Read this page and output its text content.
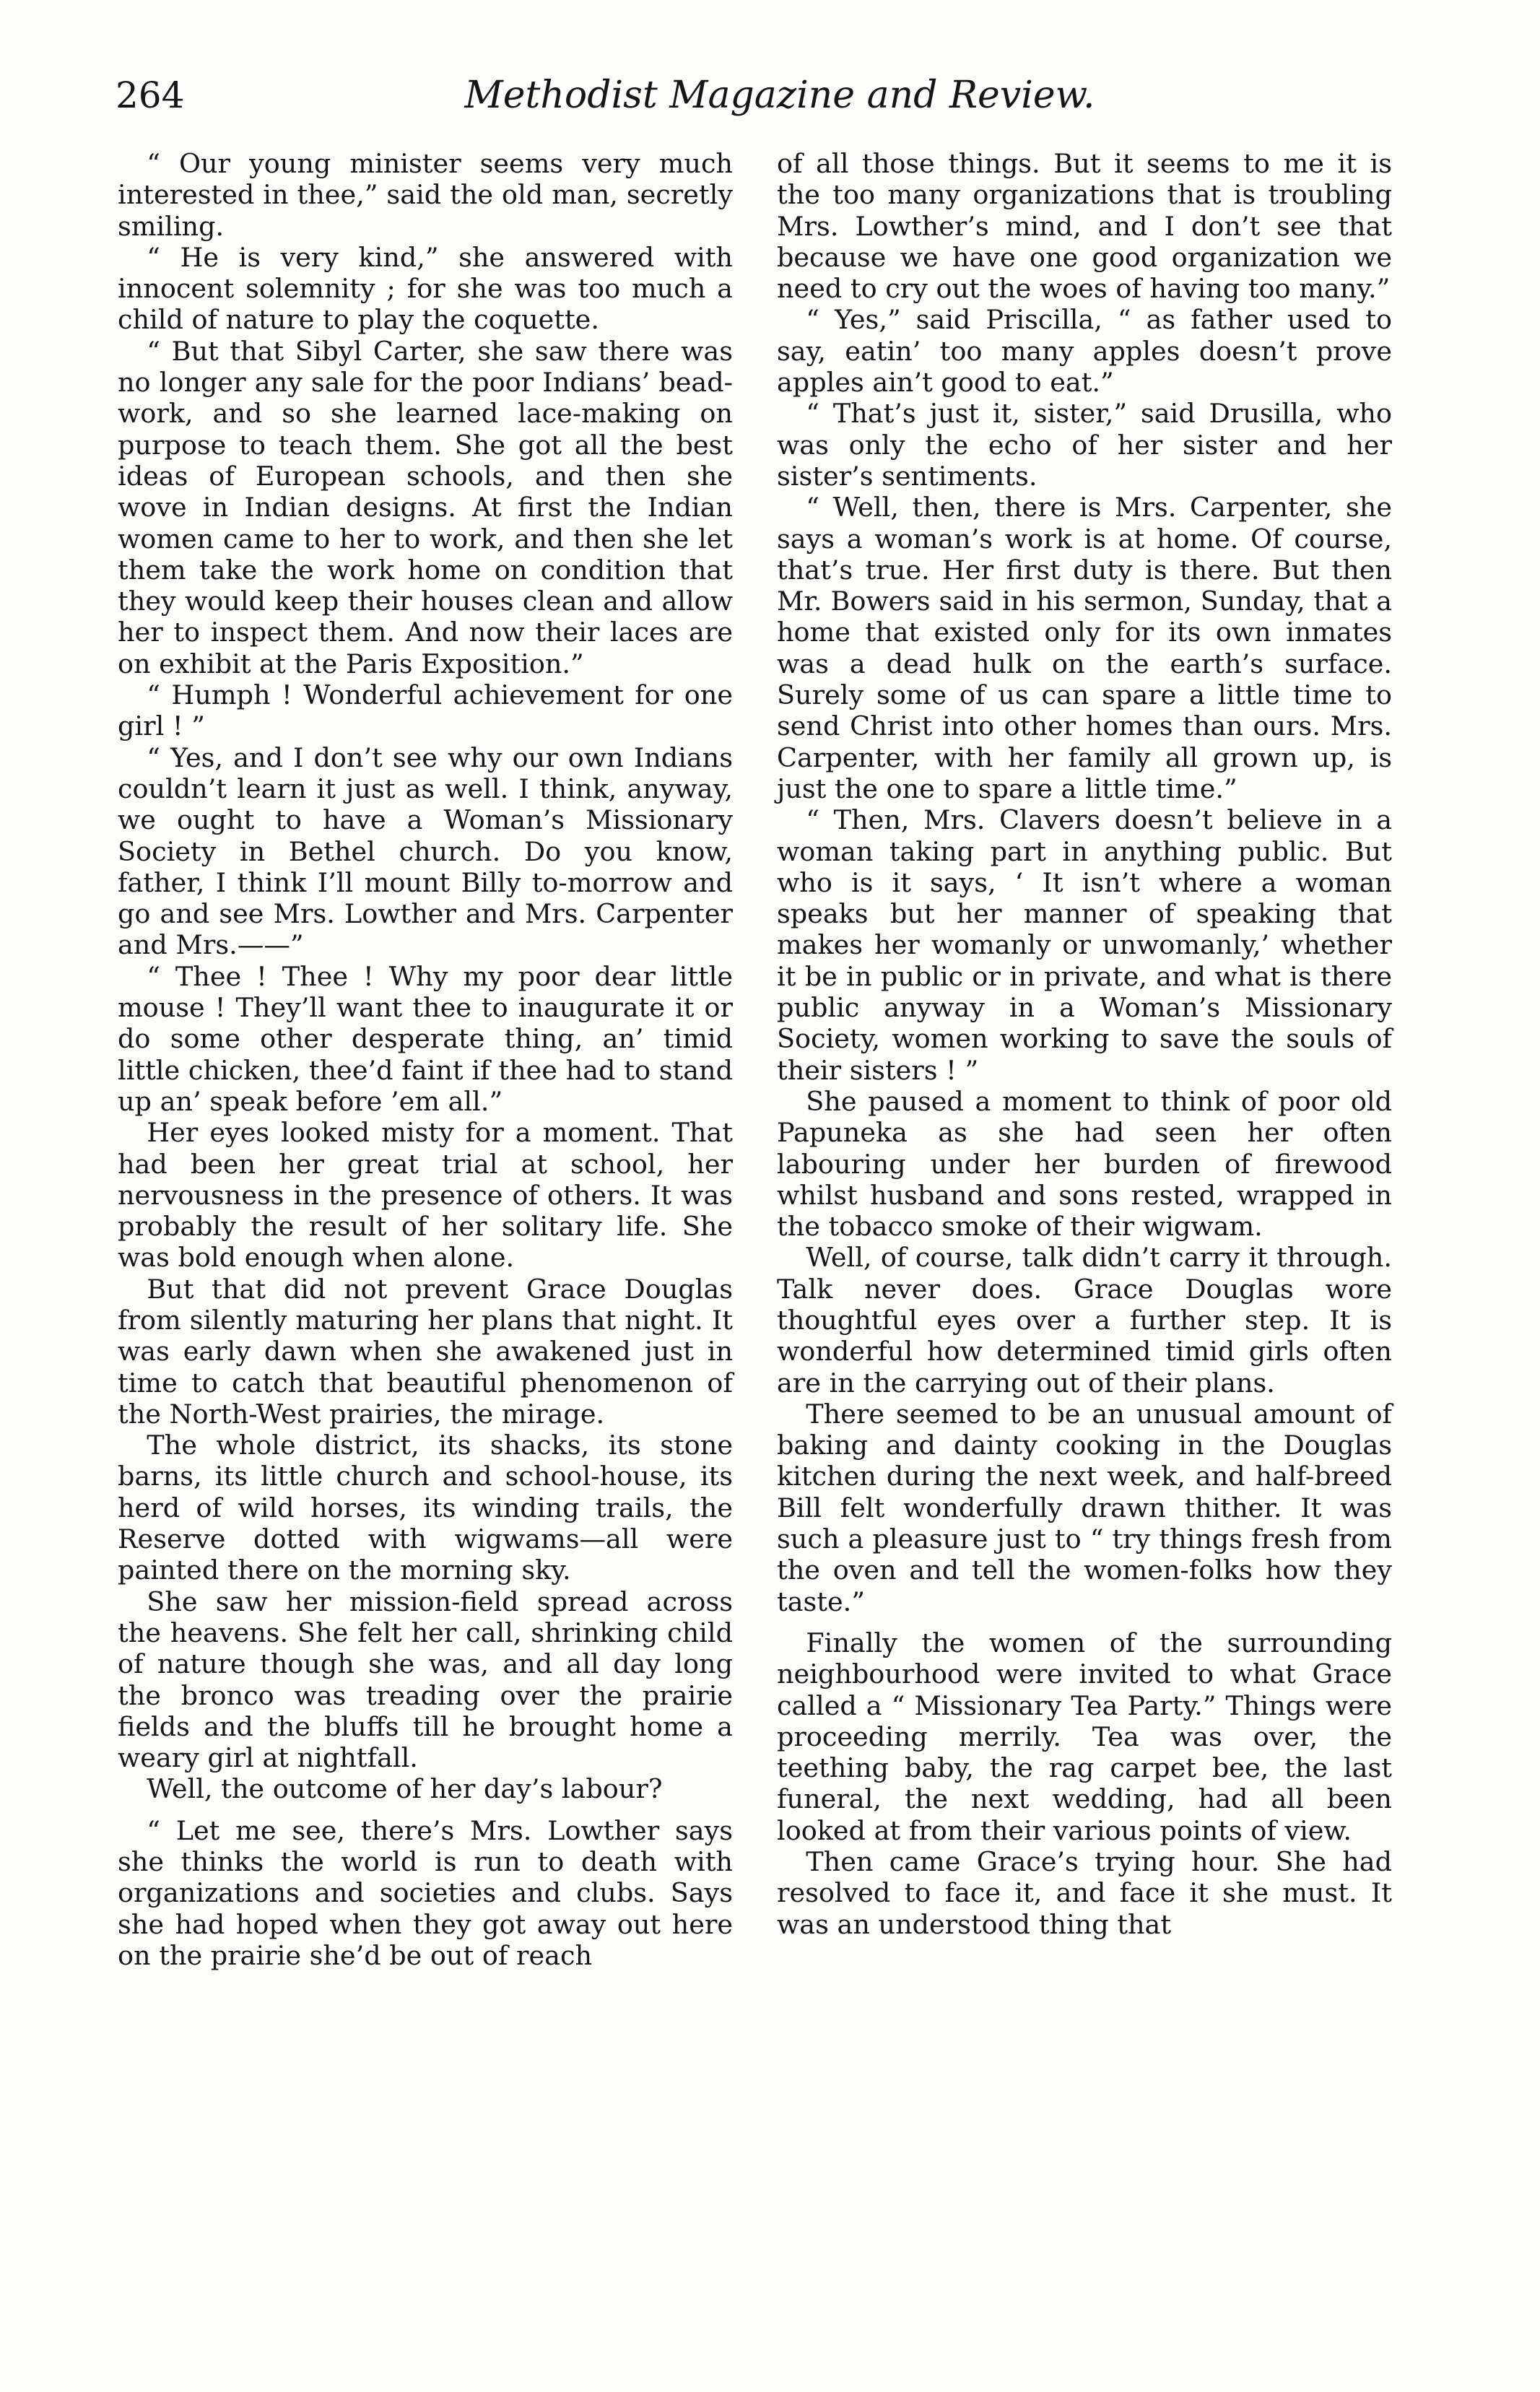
264	Methodist Magazine and Review.

“ Our young minister seems very much interested in thee,” said the old man, secretly smiling.

“ He is very kind,” she answered with innocent solemnity ; for she was too much a child of nature to play the coquette.

“ But that Sibyl Carter, she saw there was no longer any sale for the poor Indians’ bead-work, and so she learned lace-making on purpose to teach them. She got all the best ideas of European schools, and then she wove in Indian designs. At first the Indian women came to her to work, and then she let them take the work home on condition that they would keep their houses clean and allow her to inspect them. And now their laces are on exhibit at the Paris Exposition.”

“ Humph ! Wonderful achievement for one girl ! ”

“ Yes, and I don’t see why our own Indians couldn’t learn it just as well. I think, anyway, we ought to have a Woman’s Missionary Society in Bethel church. Do you know, father, I think I’ll mount Billy to-morrow and go and see Mrs. Lowther and Mrs. Carpenter and Mrs.——”

“ Thee ! Thee ! Why my poor dear little mouse ! They’ll want thee to inaugurate it or do some other desperate thing, an’ timid little chicken, thee’d faint if thee had to stand up an’ speak before ’em all.”

Her eyes looked misty for a moment. That had been her great trial at school, her nervousness in the presence of others. It was probably the result of her solitary life. She was bold enough when alone.

But that did not prevent Grace Douglas from silently maturing her plans that night. It was early dawn when she awakened just in time to catch that beautiful phenomenon of the North-West prairies, the mirage.

The whole district, its shacks, its stone barns, its little church and school-house, its herd of wild horses, its winding trails, the Reserve dotted with wigwams—all were painted there on the morning sky.

She saw her mission-field spread across the heavens. She felt her call, shrinking child of nature though she was, and all day long the bronco was treading over the prairie fields and the bluffs till he brought home a weary girl at nightfall.

Well, the outcome of her day’s labour?

“ Let me see, there’s Mrs. Lowther says she thinks the world is run to death with organizations and societies and clubs. Says she had hoped when they got away out here on the prairie she’d be out of reach

of all those things. But it seems to me it is the too many organizations that is troubling Mrs. Lowther’s mind, and I don’t see that because we have one good organization we need to cry out the woes of having too many.”

“ Yes,” said Priscilla, “ as father used to say, eatin’ too many apples doesn’t prove apples ain’t good to eat.”

“ That’s just it, sister,” said Drusilla, who was only the echo of her sister and her sister’s sentiments.

“ Well, then, there is Mrs. Carpenter, she says a woman’s work is at home. Of course, that’s true. Her first duty is there. But then Mr. Bowers said in his sermon, Sunday, that a home that existed only for its own inmates was a dead hulk on the earth’s surface. Surely some of us can spare a little time to send Christ into other homes than ours. Mrs. Carpenter, with her family all grown up, is just the one to spare a little time.”

“ Then, Mrs. Clavers doesn’t believe in a woman taking part in anything public. But who is it says, ‘ It isn’t where a woman speaks but her manner of speaking that makes her womanly or unwomanly,’ whether it be in public or in private, and what is there public anyway in a Woman’s Missionary Society, women working to save the souls of their sisters ! ”

She paused a moment to think of poor old Papuneka as she had seen her often labouring under her burden of firewood whilst husband and sons rested, wrapped in the tobacco smoke of their wigwam.

Well, of course, talk didn’t carry it through. Talk never does. Grace Douglas wore thoughtful eyes over a further step. It is wonderful how determined timid girls often are in the carrying out of their plans.

There seemed to be an unusual amount of baking and dainty cooking in the Douglas kitchen during the next week, and half-breed Bill felt wonderfully drawn thither. It was such a pleasure just to “ try things fresh from the oven and tell the women-folks how they taste.”

Finally the women of the surrounding neighbourhood were invited to what Grace called a “ Missionary Tea Party.” Things were proceeding merrily. Tea was over, the teething baby, the rag carpet bee, the last funeral, the next wedding, had all been looked at from their various points of view.

Then came Grace’s trying hour. She had resolved to face it, and face it she must. It was an understood thing that
